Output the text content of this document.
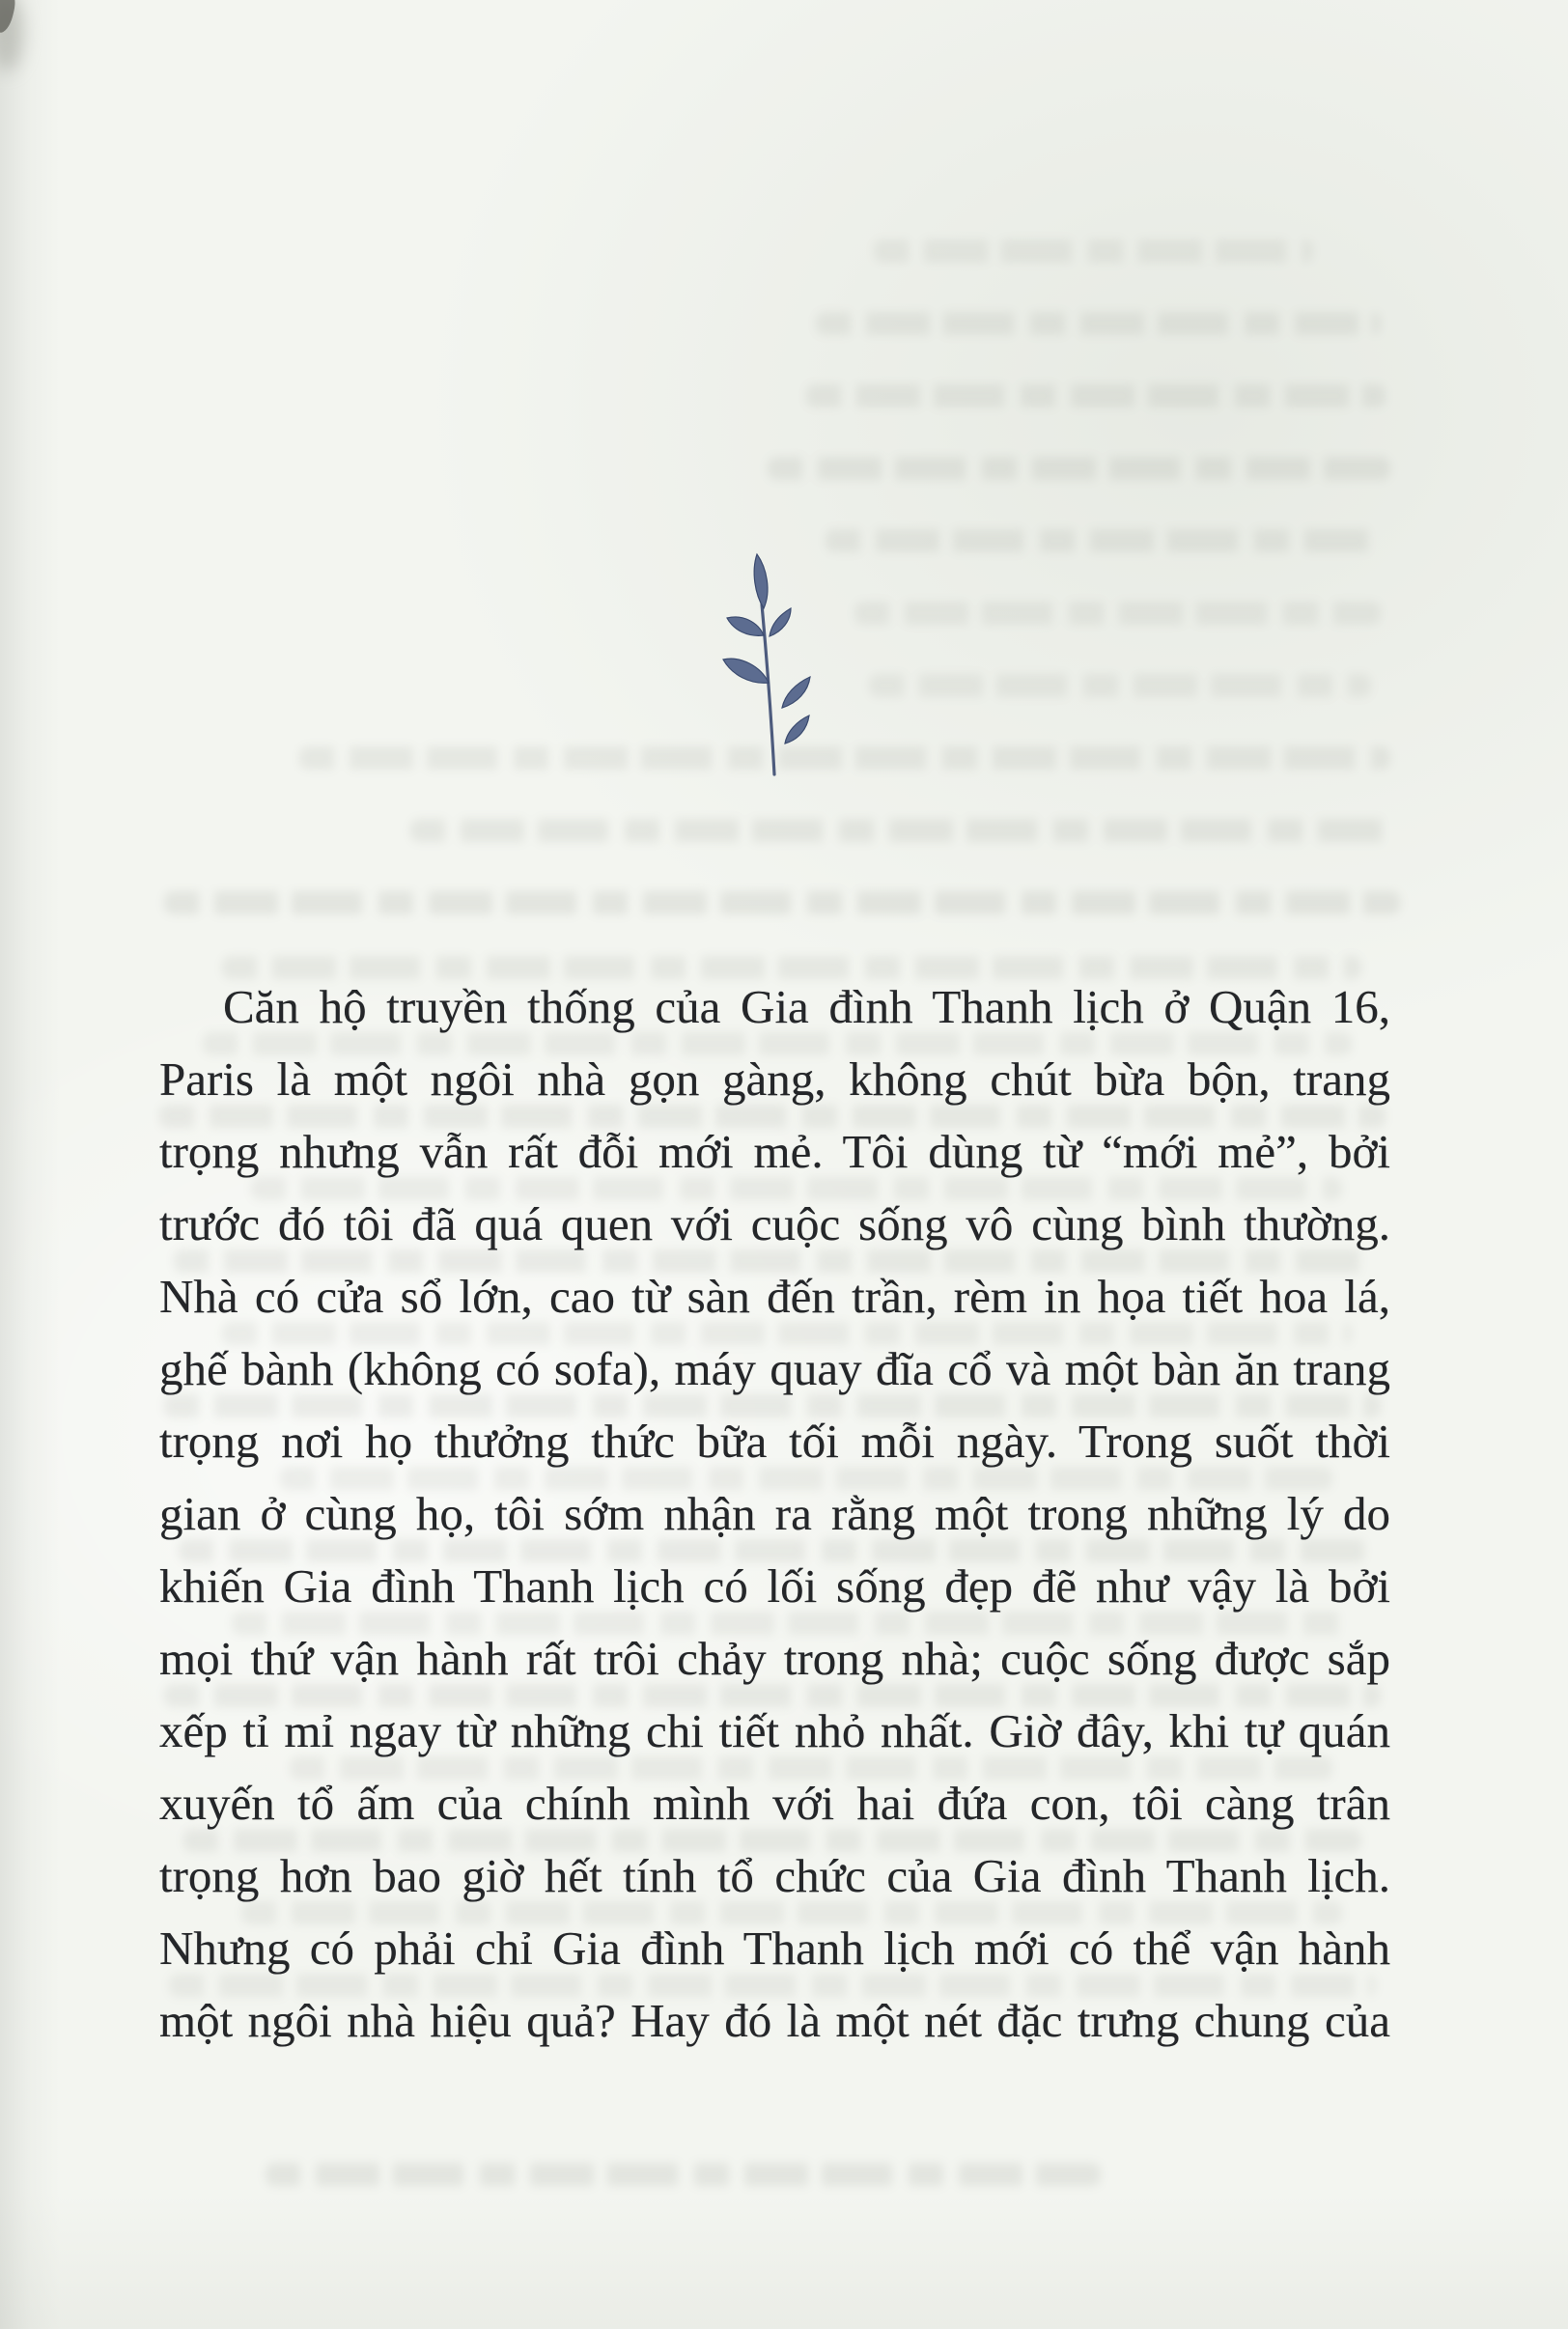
Căn hộ truyền thống của Gia đình Thanh lịch ở Quận 16,
Paris là một ngôi nhà gọn gàng, không chút bừa bộn, trang
trọng nhưng vẫn rất đỗi mới mẻ. Tôi dùng từ “mới mẻ”, bởi
trước đó tôi đã quá quen với cuộc sống vô cùng bình thường.
Nhà có cửa sổ lớn, cao từ sàn đến trần, rèm in họa tiết hoa lá,
ghế bành (không có sofa), máy quay đĩa cổ và một bàn ăn trang
trọng nơi họ thưởng thức bữa tối mỗi ngày. Trong suốt thời
gian ở cùng họ, tôi sớm nhận ra rằng một trong những lý do
khiến Gia đình Thanh lịch có lối sống đẹp đẽ như vậy là bởi
mọi thứ vận hành rất trôi chảy trong nhà; cuộc sống được sắp
xếp tỉ mỉ ngay từ những chi tiết nhỏ nhất. Giờ đây, khi tự quán
xuyến tổ ấm của chính mình với hai đứa con, tôi càng trân
trọng hơn bao giờ hết tính tổ chức của Gia đình Thanh lịch.
Nhưng có phải chỉ Gia đình Thanh lịch mới có thể vận hành
một ngôi nhà hiệu quả? Hay đó là một nét đặc trưng chung của
